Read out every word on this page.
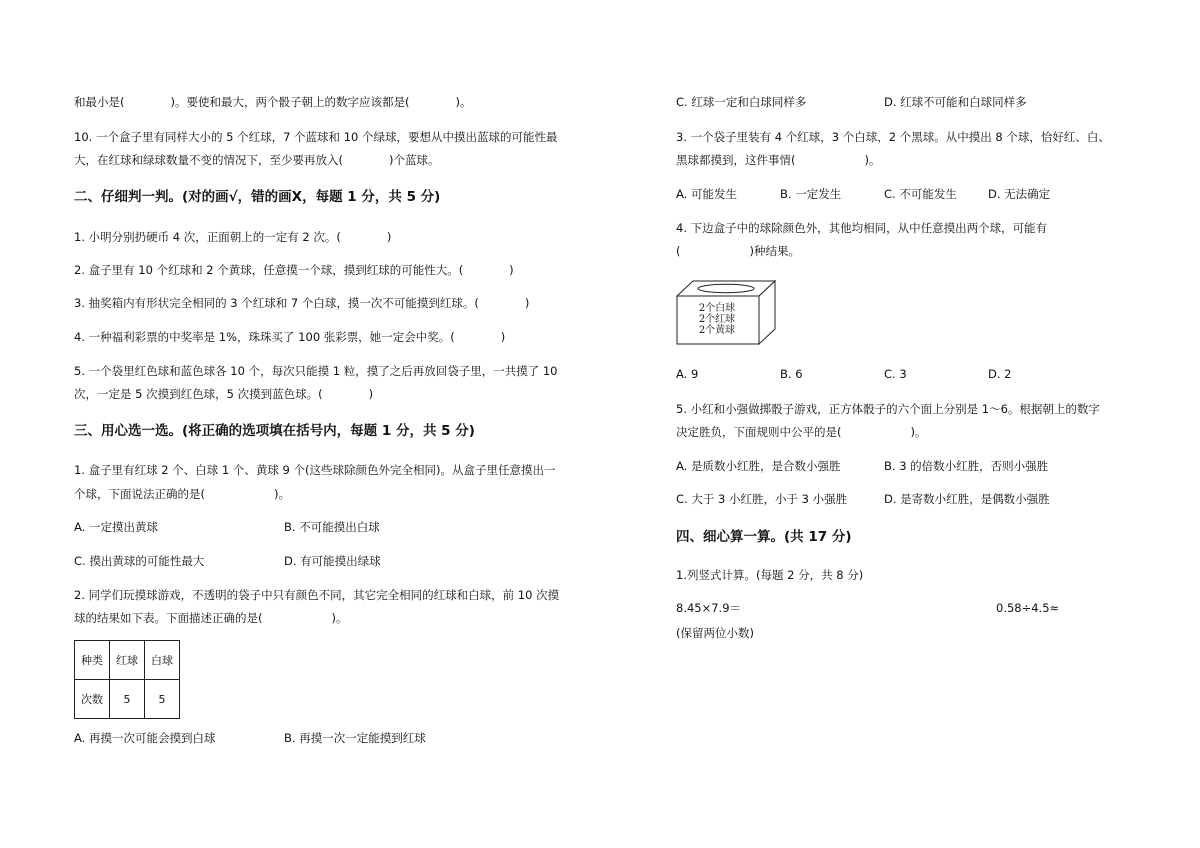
和最小是(　　　　)。要使和最大，两个骰子朝上的数字应该都是(　　　　)。
10. 一个盒子里有同样大小的 5 个红球，7 个蓝球和 10 个绿球，要想从中摸出蓝球的可能性最
大，在红球和绿球数量不变的情况下，至少要再放入(　　　　)个蓝球。
二、仔细判一判。(对的画√，错的画X，每题 1 分，共 5 分)
1. 小明分别扔硬币 4 次，正面朝上的一定有 2 次。(　　　　)
2. 盒子里有 10 个红球和 2 个黄球，任意摸一个球，摸到红球的可能性大。(　　　　)
3. 抽奖箱内有形状完全相同的 3 个红球和 7 个白球，摸一次不可能摸到红球。(　　　　)
4. 一种福利彩票的中奖率是 1%，珠珠买了 100 张彩票，她一定会中奖。(　　　　)
5. 一个袋里红色球和蓝色球各 10 个，每次只能摸 1 粒，摸了之后再放回袋子里，一共摸了 10
次，一定是 5 次摸到红色球，5 次摸到蓝色球。(　　　　)
三、用心选一选。(将正确的选项填在括号内，每题 1 分，共 5 分)
1. 盒子里有红球 2 个、白球 1 个、黄球 9 个(这些球除颜色外完全相同)。从盒子里任意摸出一
个球，下面说法正确的是(　　　　　　)。
A. 一定摸出黄球	B. 不可能摸出白球
C. 摸出黄球的可能性最大	D. 有可能摸出绿球
2. 同学们玩摸球游戏，不透明的袋子中只有颜色不同，其它完全相同的红球和白球，前 10 次摸
球的结果如下表。下面描述正确的是(　　　　　　)。
种类	红球	白球
次数	5	5
A. 再摸一次可能会摸到白球	B. 再摸一次一定能摸到红球
C. 红球一定和白球同样多	D. 红球不可能和白球同样多
3. 一个袋子里装有 4 个红球，3 个白球，2 个黑球。从中摸出 8 个球，恰好红、白、
黑球都摸到，这件事情(　　　　　　)。
A. 可能发生	B. 一定发生	C. 不可能发生	D. 无法确定
4. 下边盒子中的球除颜色外，其他均相同，从中任意摸出两个球，可能有
(　　　　　　)种结果。
2个白球
2个红球
2个黄球
A. 9	B. 6	C. 3	D. 2
5. 小红和小强做掷骰子游戏，正方体骰子的六个面上分别是 1～6。根据朝上的数字
决定胜负，下面规则中公平的是(　　　　　　)。
A. 是质数小红胜，是合数小强胜	B. 3 的倍数小红胜，否则小强胜
C. 大于 3 小红胜，小于 3 小强胜	D. 是寄数小红胜，是偶数小强胜
四、细心算一算。(共 17 分)
1.列竖式计算。(每题 2 分，共 8 分)
8.45×7.9＝	0.58÷4.5≈
(保留两位小数)
